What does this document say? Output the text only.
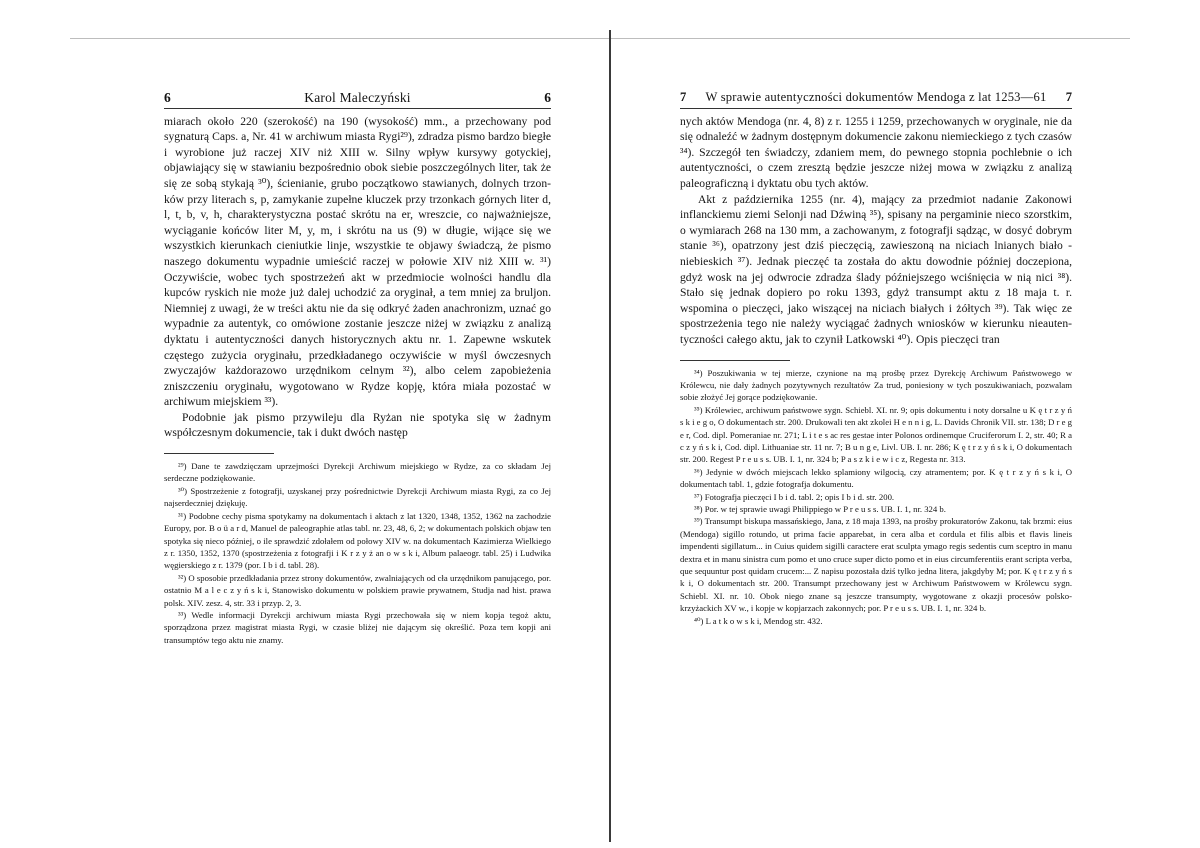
6	Karol Maleczyński	6

miarach około 220 (szerokość) na 190 (wysokość) mm., a przechowany pod sygnaturą Caps. a, Nr. 41 w archiwum miasta Rygi²⁹), zdradza pismo bardzo biegłe i wyrobione już raczej XIV niż XIII w. Silny wpływ kursywy gotyckiej, objawiający się w stawianiu bezpośrednio obok siebie poszczególnych liter, tak że się ze sobą stykają ³⁰), ścienianie, grubo początkowo stawianych, dolnych trzonków przy literach s, p, zamykanie zupełne kluczek przy trzonkach górnych liter d, l, t, b, v, h, charakterystyczna postać skrótu na er, wreszcie, co najważniejsze, wyciąganie końców liter M, y, m, i skrótu na us (9) w długie, wijące się we wszystkich kierunkach cieniutkie linje, wszystkie te objawy świadczą, że pismo naszego dokumentu wypadnie umieścić raczej w połowie XIV niż XIII w. ³¹) Oczywiście, wobec tych spostrzeżeń akt w przedmiocie wolności handlu dla kupców ryskich nie może już dalej uchodzić za oryginał, a tem mniej za bruljon. Niemniej z uwagi, że w treści aktu nie da się odkryć żaden anachronizm, uznać go wypadnie za autentyk, co omówione zostanie jeszcze niżej w związku z analizą dyktatu i autentyczności danych historycznych aktu nr. 1. Zapewne wskutek częstego zużycia oryginału, przedkładanego oczywiście w myśl ówczesnych zwyczajów każdorazowo urzędnikom celnym ³²), albo celem zapobieżenia zniszczeniu oryginału, wygotowano w Rydze kopję, która miała pozostać w archiwum miejskiem ³³).

Podobnie jak pismo przywileju dla Ryżan nie spotyka się w żadnym współczesnym dokumencie, tak i dukt dwóch następ

²⁹) Dane te zawdzięczam uprzejmości Dyrekcji Archiwum miejskiego w Rydze, za co składam Jej serdeczne podziękowanie.

³⁰) Spostrzeżenie z fotografji, uzyskanej przy pośrednictwie Dyrekcji Archiwum miasta Rygi, za co Jej najserdeczniej dziękuję.

³¹) Podobne cechy pisma spotykamy na dokumentach i aktach z lat 1320, 1348, 1352, 1362 na zachodzie Europy, por. B o ü a r d, Manuel de paleographie atlas tabl. nr. 23, 48, 6, 2; w dokumentach polskich objaw ten spotyka się nieco później, o ile sprawdzić zdołałem od połowy XIV w. na dokumentach Kazimierza Wielkiego z r. 1350, 1352, 1370 (spostrzeżenia z fotografji i K r z y ż an o w s k i, Album palaeogr. tabl. 25) i Ludwika węgierskiego z r. 1379 (por. I b i d. tabl. 28).

³²) O sposobie przedkładania przez strony dokumentów, zwalniających od cła urzędnikom panującego, por. ostatnio M a l e c z y ń s k i, Stanowisko dokumentu w polskiem prawie prywatnem, Studja nad hist. prawa polsk. XIV. zesz. 4, str. 33 i przyp. 2, 3.

³³) Wedle informacji Dyrekcji archiwum miasta Rygi przechowała się w niem kopja tegoż aktu, sporządzona przez magistrat miasta Rygi, w czasie bliżej nie dającym się określić. Poza tem kopji ani transumptów tego aktu nie znamy.

7 W sprawie autentyczności dokumentów Mendoga z lat 1253—61 7

nych aktów Mendoga (nr. 4, 8) z r. 1255 i 1259, przechowanych w oryginale, nie da się odnaleźć w żadnym dostępnym dokumencie zakonu niemieckiego z tych czasów ³⁴). Szczegół ten świadczy, zdaniem mem, do pewnego stopnia pochlebnie o ich autentyczności, o czem zresztą będzie jeszcze niżej mowa w związku z analizą paleograficzną i dyktatu obu tych aktów.

Akt z października 1255 (nr. 4), mający za przedmiot nadanie Zakonowi inflanckiemu ziemi Selonji nad Dźwiną ³⁵), spisany na pergaminie nieco szorstkim, o wymiarach 268 na 130 mm, a zachowanym, z fotografji sądząc, w dosyć dobrym stanie ³⁶), opatrzony jest dziś pieczęcią, zawieszoną na niciach lnianych biało - niebieskich ³⁷). Jednak pieczęć ta została do aktu dowodnie później doczepiona, gdyż wosk na jej odwrocie zdradza ślady późniejszego wciśnięcia w nią nici ³⁸). Stało się jednak dopiero po roku 1393, gdyż transumpt aktu z 18 maja t. r. wspomina o pieczęci, jako wiszącej na niciach białych i żółtych ³⁹). Tak więc ze spostrzeżenia tego nie należy wyciągać żadnych wniosków w kierunku nieautentyczności całego aktu, jak to czynił Latkowski ⁴⁰). Opis pieczęci tran

³⁴) Poszukiwania w tej mierze, czynione na mą prośbę przez Dyrekcję Archiwum Państwowego w Królewcu, nie dały żadnych pozytywnych rezultatów Za trud, poniesiony w tych poszukiwaniach, pozwalam sobie złożyć Jej gorące podziękowanie.

³⁵) Królewiec, archiwum państwowe sygn. Schiebl. XI. nr. 9; opis dokumentu i noty dorsalne u K ę t r z y ń s k i e g o, O dokumentach str. 200. Drukowali ten akt zkolei H e n n i g, L. Davids Chronik VII. str. 138; D r e g e r, Cod. dipl. Pomeraniae nr. 271; L i t e s ac res gestae inter Polonos ordinemque Cruciferorum I. 2, str. 40; R a c z y ń s k i, Cod. dipl. Lithuaniae str. 11 nr. 7; B u n g e, Livl. UB. I. nr. 286; K ę t r z y ń s k i, O dokumentach str. 200. Regest P r e u s s. UB. I. 1, nr. 324 b; P a s z k i e w i c z, Regesta nr. 313.

³⁶) Jedynie w dwóch miejscach lekko splamiony wilgocią, czy atramentem; por. K ę t r z y ń s k i, O dokumentach tabl. 1, gdzie fotografja dokumentu.

³⁷) Fotografja pieczęci I b i d. tabl. 2; opis I b i d. str. 200.

³⁸) Por. w tej sprawie uwagi Philippiego w P r e u s s. UB. I. 1, nr. 324 b.

³⁹) Transumpt biskupa massańskiego, Jana, z 18 maja 1393, na prośby prokuratorów Zakonu, tak brzmi: eius (Mendoga) sigillo rotundo, ut prima facie apparebat, in cera alba et cordula et filis albis et flavis lineis impendenti sigillatum... in Cuius quidem sigilli caractere erat sculpta ymago regis sedentis cum sceptro in manu dextra et in manu sinistra cum pomo et uno cruce super dicto pomo et in eius circumferentiis erant scripta verba, que sequuntur post quidam crucem:... Z napisu pozostała dziś tylko jedna litera, jakgdyby M; por. K ę t r z y ń s k i, O dokumentach str. 200. Transumpt przechowany jest w Archiwum Państwowem w Królewcu sygn. Schiebl. XI. nr. 10. Obok niego znane są jeszcze transumpty, wygotowane z okazji procesów polsko-krzyżackich XV w., i kopje w kopjarzach zakonnych; por. P r e u s s. UB. I. 1, nr. 324 b.

⁴⁰) L a t k o w s k i, Mendog str. 432.
